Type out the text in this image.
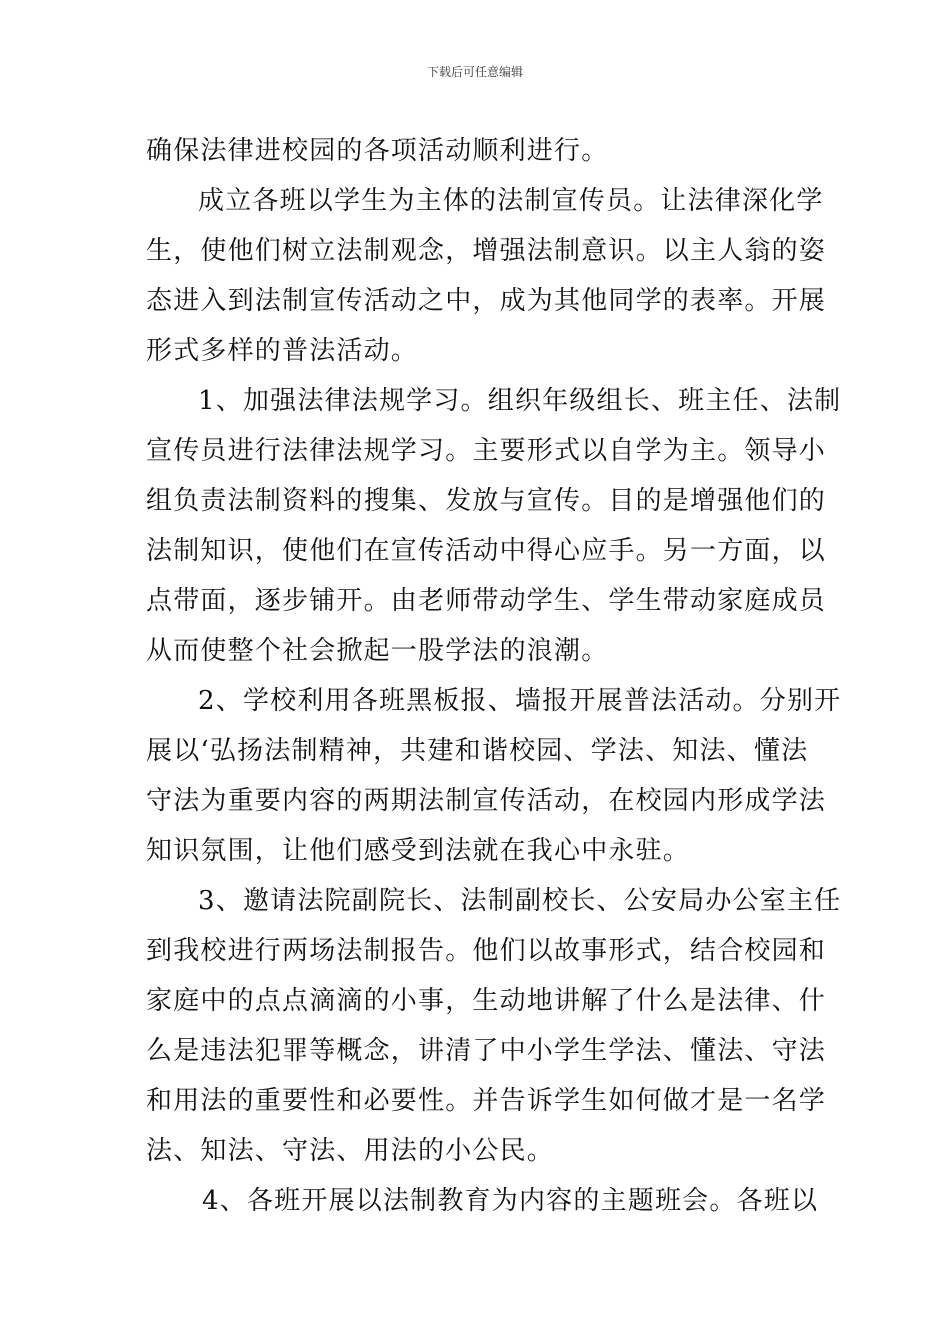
下载后可任意编辑
确保法律进校园的各项活动顺利进行。
成立各班以学生为主体的法制宣传员。让法律深化学
生，使他们树立法制观念，增强法制意识。以主人翁的姿
态进入到法制宣传活动之中，成为其他同学的表率。开展
形式多样的普法活动。
1、加强法律法规学习。组织年级组长、班主任、法制
宣传员进行法律法规学习。主要形式以自学为主。领导小
组负责法制资料的搜集、发放与宣传。目的是增强他们的
法制知识，使他们在宣传活动中得心应手。另一方面，以
点带面，逐步铺开。由老师带动学生、学生带动家庭成员
从而使整个社会掀起一股学法的浪潮。
2、学校利用各班黑板报、墙报开展普法活动。分别开
展以‘弘扬法制精神，共建和谐校园、学法、知法、懂法
守法为重要内容的两期法制宣传活动，在校园内形成学法
知识氛围，让他们感受到法就在我心中永驻。
3、邀请法院副院长、法制副校长、公安局办公室主任
到我校进行两场法制报告。他们以故事形式，结合校园和
家庭中的点点滴滴的小事，生动地讲解了什么是法律、什
么是违法犯罪等概念，讲清了中小学生学法、懂法、守法
和用法的重要性和必要性。并告诉学生如何做才是一名学
法、知法、守法、用法的小公民。
4、各班开展以法制教育为内容的主题班会。各班以
